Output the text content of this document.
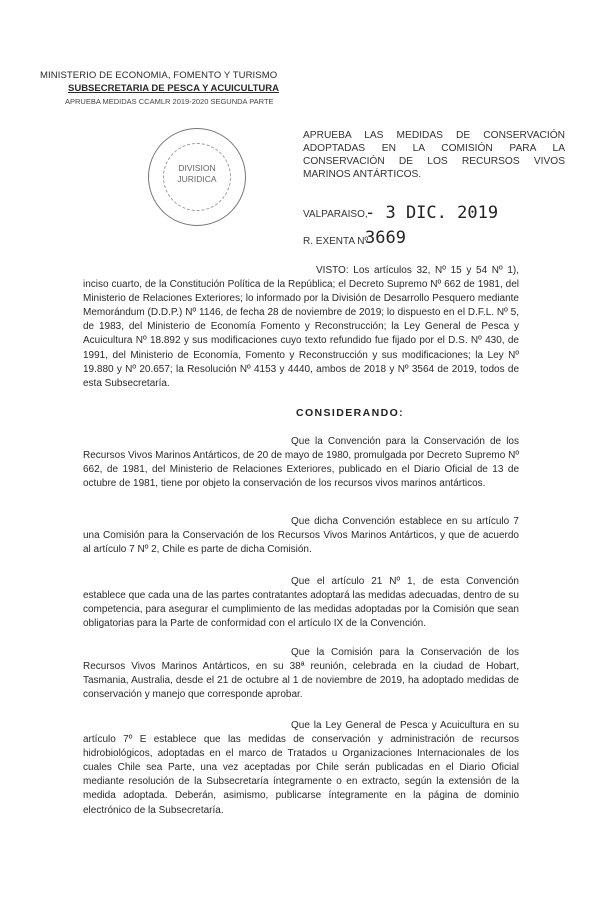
MINISTERIO DE ECONOMIA, FOMENTO Y TURISMO
SUBSECRETARIA DE PESCA Y ACUICULTURA
APRUEBA MEDIDAS CCAMLR 2019-2020 SEGUNDA PARTE
DIVISION
JURIDICA
APRUEBA LAS MEDIDAS DE CONSERVACIÓN ADOPTADAS EN LA COMISIÓN PARA LA CONSERVACIÓN DE LOS RECURSOS VIVOS MARINOS ANTÁRTICOS.
VALPARAISO,
- 3 DIC. 2019
R. EXENTA Nº
3669
VISTO: Los artículos 32, Nº 15 y 54 Nº 1), inciso cuarto, de la Constitución Política de la República; el Decreto Supremo Nº 662 de 1981, del Ministerio de Relaciones Exteriores; lo informado por la División de Desarrollo Pesquero mediante Memorándum (D.D.P.) Nº 1146, de fecha 28 de noviembre de 2019; lo dispuesto en el D.F.L. Nº 5, de 1983, del Ministerio de Economía Fomento y Reconstrucción; la Ley General de Pesca y Acuicultura Nº 18.892 y sus modificaciones cuyo texto refundido fue fijado por el D.S. Nº 430, de 1991, del Ministerio de Economía, Fomento y Reconstrucción y sus modificaciones; la Ley Nº 19.880 y Nº 20.657; la Resolución Nº 4153 y 4440, ambos de 2018 y Nº 3564 de 2019, todos de esta Subsecretaría.
CONSIDERANDO:
Que la Convención para la Conservación de los Recursos Vivos Marinos Antárticos, de 20 de mayo de 1980, promulgada por Decreto Supremo Nº 662, de 1981, del Ministerio de Relaciones Exteriores, publicado en el Diario Oficial de 13 de octubre de 1981, tiene por objeto la conservación de los recursos vivos marinos antárticos.
Que dicha Convención establece en su artículo 7 una Comisión para la Conservación de los Recursos Vivos Marinos Antárticos, y que de acuerdo al artículo 7 Nº 2, Chile es parte de dicha Comisión.
Que el artículo 21 Nº 1, de esta Convención establece que cada una de las partes contratantes adoptará las medidas adecuadas, dentro de su competencia, para asegurar el cumplimiento de las medidas adoptadas por la Comisión que sean obligatorias para la Parte de conformidad con el artículo IX de la Convención.
Que la Comisión para la Conservación de los Recursos Vivos Marinos Antárticos, en su 38ª reunión, celebrada en la ciudad de Hobart, Tasmania, Australia, desde el 21 de octubre al 1 de noviembre de 2019, ha adoptado medidas de conservación y manejo que corresponde aprobar.
Que la Ley General de Pesca y Acuicultura en su artículo 7º E establece que las medidas de conservación y administración de recursos hidrobiológicos, adoptadas en el marco de Tratados u Organizaciones Internacionales de los cuales Chile sea Parte, una vez aceptadas por Chile serán publicadas en el Diario Oficial mediante resolución de la Subsecretaría íntegramente o en extracto, según la extensión de la medida adoptada. Deberán, asimismo, publicarse íntegramente en la página de dominio electrónico de la Subsecretaría.
